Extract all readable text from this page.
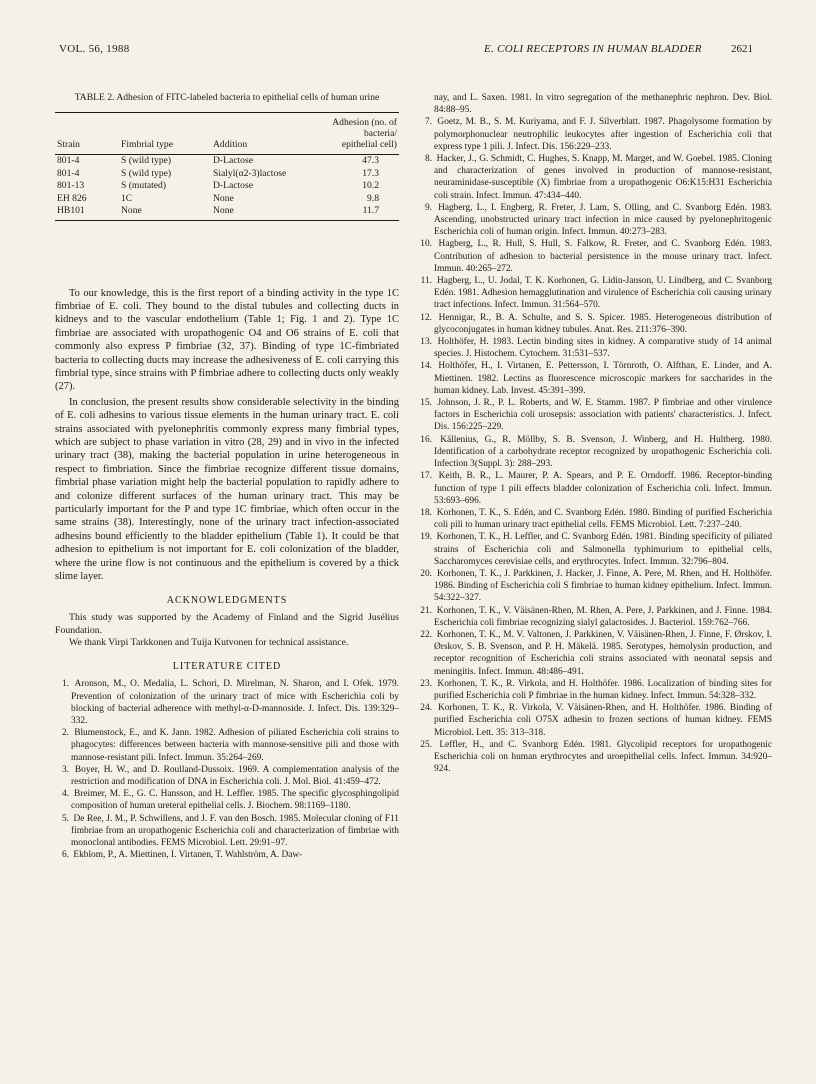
VOL. 56, 1988	E. COLI RECEPTORS IN HUMAN BLADDER	2621

TABLE 2. Adhesion of FITC-labeled bacteria to epithelial cells of human urine

Strain	Fimbrial type	Addition	Adhesion (no. of bacteria/ epithelial cell)
801-4	S (wild type)	D-Lactose	47.3
801-4	S (wild type)	Sialyl(α2-3)lactose	17.3
801-13	S (mutated)	D-Lactose	10.2
EH 826	1C	None	9.8
HB101	None	None	11.7

To our knowledge, this is the first report of a binding activity in the type 1C fimbriae of E. coli. They bound to the distal tubules and collecting ducts in kidneys and to the vascular endothelium (Table 1; Fig. 1 and 2). Type 1C fimbriae are associated with uropathogenic O4 and O6 strains of E. coli that commonly also express P fimbriae (32, 37). Binding of type 1C-fimbriated bacteria to collecting ducts may increase the adhesiveness of E. coli carrying this fimbrial type, since strains with P fimbriae adhere to collecting ducts only weakly (27).

In conclusion, the present results show considerable selectivity in the binding of E. coli adhesins to various tissue elements in the human urinary tract. E. coli strains associated with pyelonephritis commonly express many fimbrial types, which are subject to phase variation in vitro (28, 29) and in vivo in the infected urinary tract (38), making the bacterial population in urine heterogeneous in respect to fimbriation. Since the fimbriae recognize different tissue domains, fimbrial phase variation might help the bacterial population to rapidly adhere to and colonize different surfaces of the human urinary tract. This may be particularly important for the P and type 1C fimbriae, which often occur in the same strains (38). Interestingly, none of the urinary tract infection-associated adhesins bound efficiently to the bladder epithelium (Table 1). It could be that adhesion to epithelium is not important for E. coli colonization of the bladder, where the urine flow is not continuous and the epithelium is covered by a thick slime layer.

ACKNOWLEDGMENTS

This study was supported by the Academy of Finland and the Sigrid Jusélius Foundation.

We thank Virpi Tarkkonen and Tuija Kutvonen for technical assistance.

LITERATURE CITED

1. Aronson, M., O. Medalia, L. Schori, D. Mirelman, N. Sharon, and I. Ofek. 1979. Prevention of colonization of the urinary tract of mice with Escherichia coli by blocking of bacterial adherence with methyl-α-D-mannoside. J. Infect. Dis. 139:329–332.

2. Blumenstock, E., and K. Jann. 1982. Adhesion of piliated Escherichia coli strains to phagocytes: differences between bacteria with mannose-sensitive pili and those with mannose-resistant pili. Infect. Immun. 35:264–269.

3. Boyer, H. W., and D. Roulland-Dussoix. 1969. A complementation analysis of the restriction and modification of DNA in Escherichia coli. J. Mol. Biol. 41:459–472.

4. Breimer, M. E., G. C. Hansson, and H. Leffler. 1985. The specific glycosphingolipid composition of human ureteral epithelial cells. J. Biochem. 98:1169–1180.

5. De Ree, J. M., P. Schwillens, and J. F. van den Bosch. 1985. Molecular cloning of F11 fimbriae from an uropathogenic Escherichia coli and characterization of fimbriae with monoclonal antibodies. FEMS Microbiol. Lett. 29:91–97.

6. Ekblom, P., A. Miettinen, I. Virtanen, T. Wahlström, A. Daw-

nay, and L. Saxen. 1981. In vitro segregation of the methanephric nephron. Dev. Biol. 84:88–95.

7. Goetz, M. B., S. M. Kuriyama, and F. J. Silverblatt. 1987. Phagolysome formation by polymorphonuclear neutrophilic leukocytes after ingestion of Escherichia coli that express type 1 pili. J. Infect. Dis. 156:229–233.

8. Hacker, J., G. Schmidt, C. Hughes, S. Knapp, M. Marget, and W. Goebel. 1985. Cloning and characterization of genes involved in production of mannose-resistant, neuraminidase-susceptible (X) fimbriae from a uropathogenic O6:K15:H31 Escherichia coli strain. Infect. Immun. 47:434–440.

9. Hagberg, L., I. Engberg, R. Freter, J. Lam, S. Olling, and C. Svanborg Edén. 1983. Ascending, unobstructed urinary tract infection in mice caused by pyelonephritogenic Escherichia coli of human origin. Infect. Immun. 40:273–283.

10. Hagberg, L., R. Hull, S. Hull, S. Falkow, R. Freter, and C. Svanborg Edén. 1983. Contribution of adhesion to bacterial persistence in the mouse urinary tract. Infect. Immun. 40:265–272.

11. Hagberg, L., U. Jodal, T. K. Korhonen, G. Lidin-Janson, U. Lindberg, and C. Svanborg Edén. 1981. Adhesion hemagglutination and virulence of Escherichia coli causing urinary tract infections. Infect. Immun. 31:564–570.

12. Hennigar, R., B. A. Schulte, and S. S. Spicer. 1985. Heterogeneous distribution of glycoconjugates in human kidney tubules. Anat. Res. 211:376–390.

13. Holthöfer, H. 1983. Lectin binding sites in kidney. A comparative study of 14 animal species. J. Histochem. Cytochem. 31:531–537.

14. Holthöfer, H., I. Virtanen, E. Pettersson, I. Törnroth, O. Alfthan, E. Linder, and A. Miettinen. 1982. Lectins as fluorescence microscopic markers for saccharides in the human kidney. Lab. Invest. 45:391–399.

15. Johnson, J. R., P. L. Roberts, and W. E. Stamm. 1987. P fimbriae and other virulence factors in Escherichia coli urosepsis: association with patients' characteristics. J. Infect. Dis. 156:225–229.

16. Källenius, G., R. Möllby, S. B. Svenson, J. Winberg, and H. Hultberg. 1980. Identification of a carbohydrate receptor recognized by uropathogenic Escherichia coli. Infection 3(Suppl. 3): 288–293.

17. Keith, B. R., L. Maurer, P. A. Spears, and P. E. Orndorff. 1986. Receptor-binding function of type 1 pili effects bladder colonization of Escherichia coli. Infect. Immun. 53:693–696.

18. Korhonen, T. K., S. Edén, and C. Svanborg Edén. 1980. Binding of purified Escherichia coli pili to human urinary tract epithelial cells. FEMS Microbiol. Lett. 7:237–240.

19. Korhonen, T. K., H. Leffler, and C. Svanborg Edén. 1981. Binding specificity of piliated strains of Escherichia coli and Salmonella typhimurium to epithelial cells, Saccharomyces cerevisiae cells, and erythrocytes. Infect. Immun. 32:796–804.

20. Korhonen, T. K., J. Parkkinen, J. Hacker, J. Finne, A. Pere, M. Rhen, and H. Holthöfer. 1986. Binding of Escherichia coli S fimbriae to human kidney epithelium. Infect. Immun. 54:322–327.

21. Korhonen, T. K., V. Väisänen-Rhen, M. Rhen, A. Pere, J. Parkkinen, and J. Finne. 1984. Escherichia coli fimbriae recognizing sialyl galactosides. J. Bacteriol. 159:762–766.

22. Korhonen, T. K., M. V. Valtonen, J. Parkkinen, V. Väisänen-Rhen, J. Finne, F. Ørskov, I. Ørskov, S. B. Svenson, and P. H. Mäkelä. 1985. Serotypes, hemolysin production, and receptor recognition of Escherichia coli strains associated with neonatal sepsis and meningitis. Infect. Immun. 48:486–491.

23. Korhonen, T. K., R. Virkola, and H. Holthöfer. 1986. Localization of binding sites for purified Escherichia coli P fimbriae in the human kidney. Infect. Immun. 54:328–332.

24. Korhonen, T. K., R. Virkola, V. Väisänen-Rhen, and H. Holthöfer. 1986. Binding of purified Escherichia coli O75X adhesin to frozen sections of human kidney. FEMS Microbiol. Lett. 35: 313–318.

25. Leffler, H., and C. Svanborg Edén. 1981. Glycolipid receptors for uropathogenic Escherichia coli on human erythrocytes and uroepithelial cells. Infect. Immun. 34:920–924.
